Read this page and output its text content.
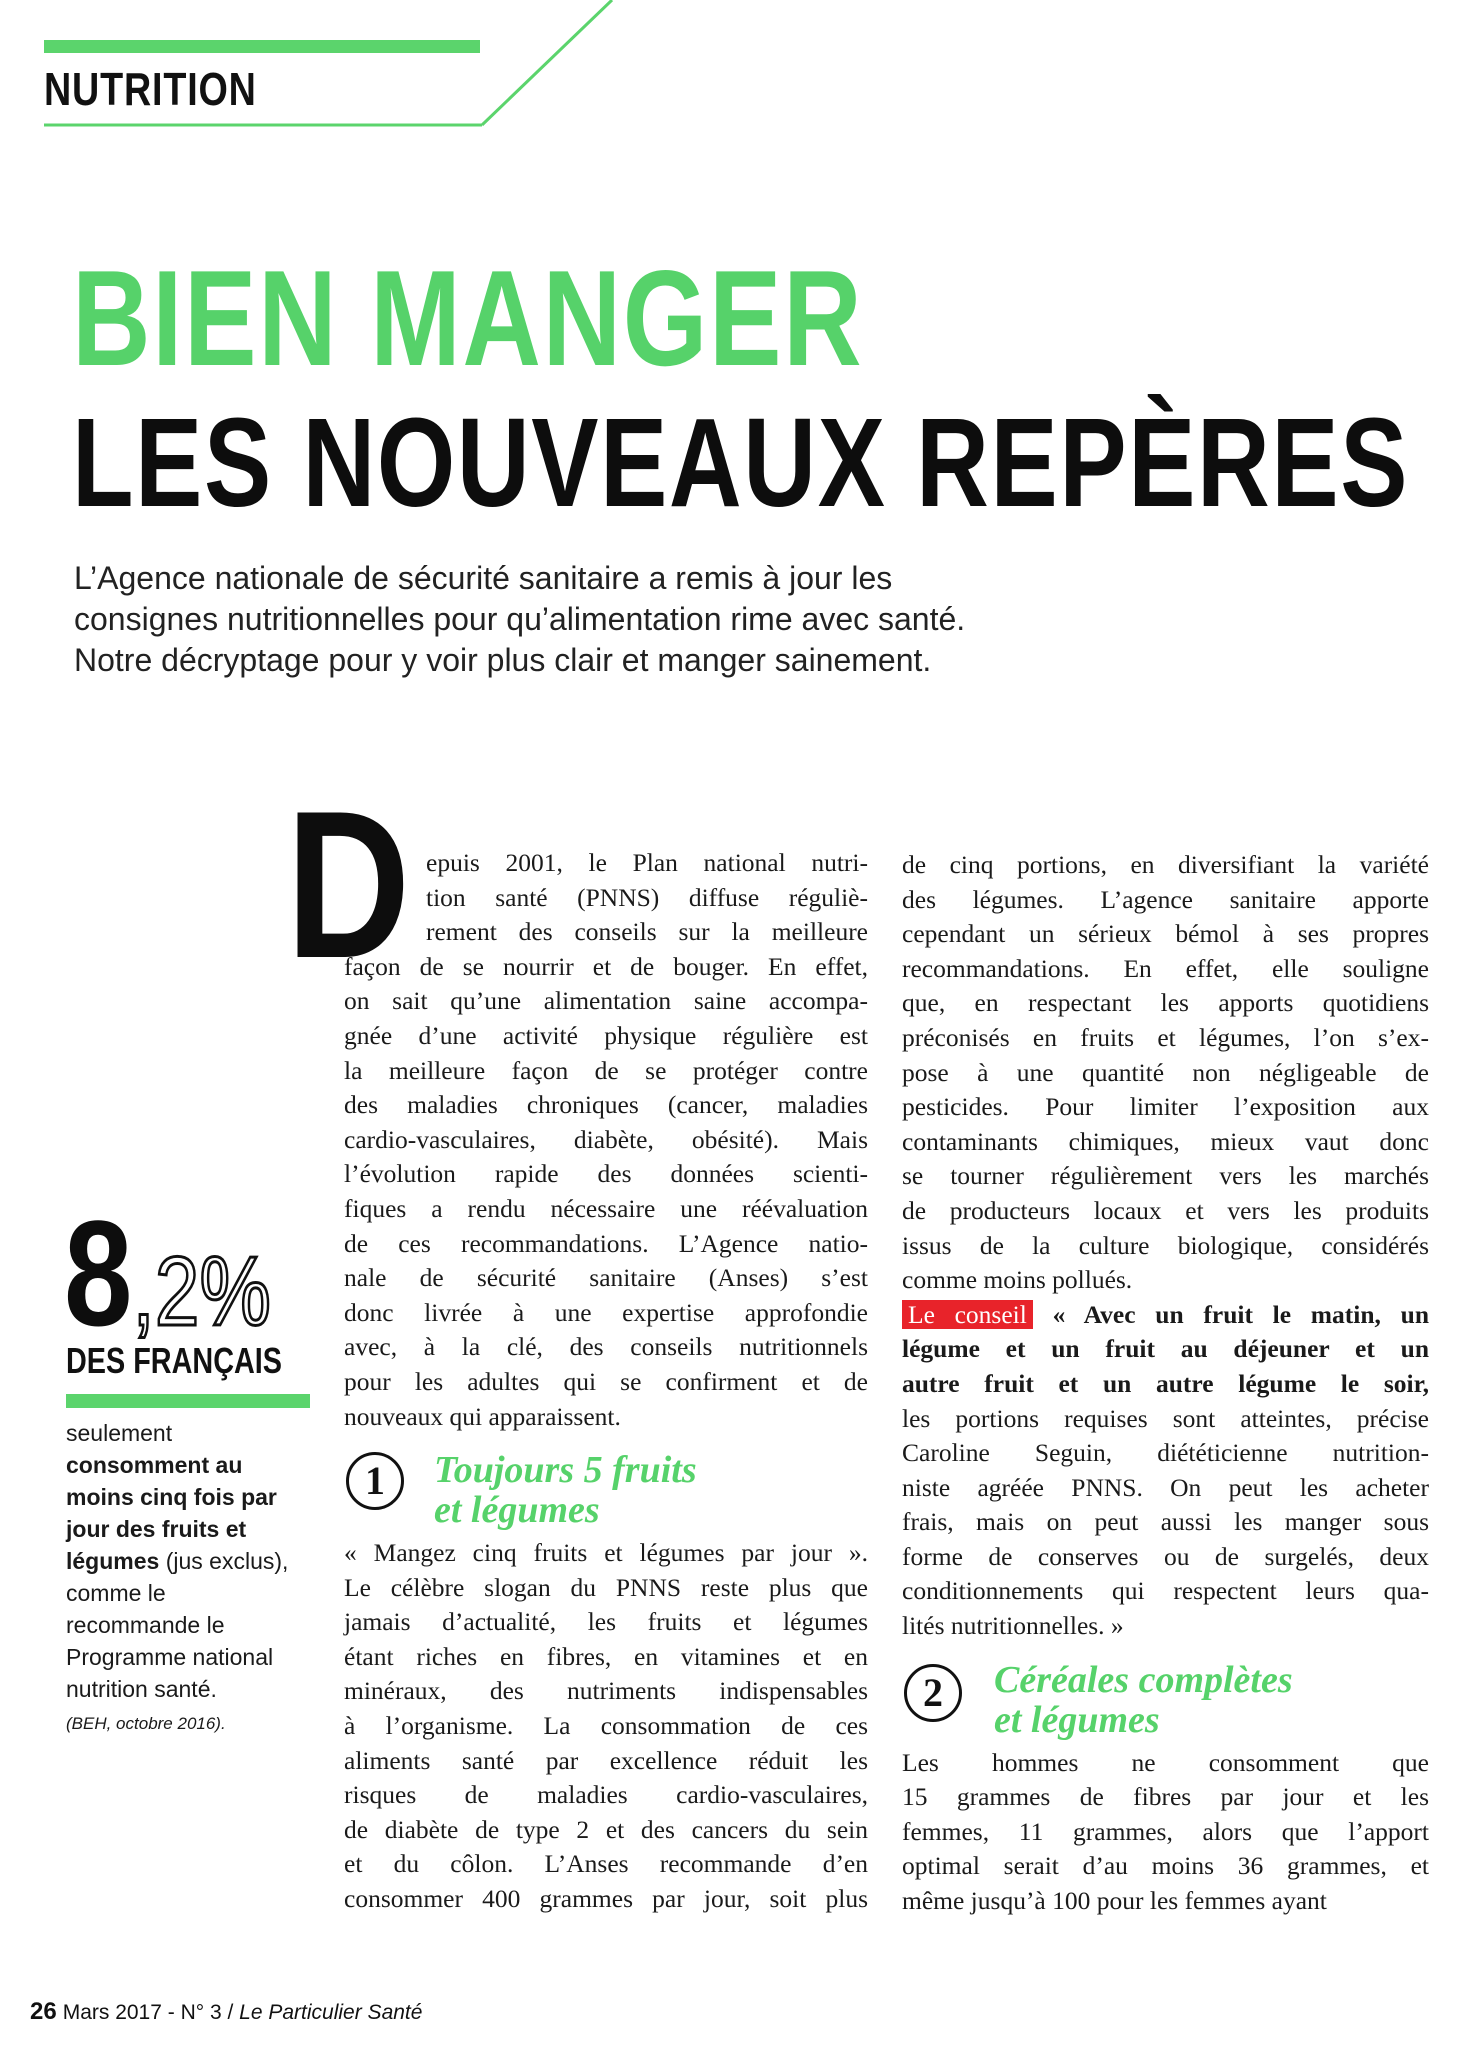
NUTRITION
BIEN MANGER
LES NOUVEAUX REPÈRES
L’Agence nationale de sécurité sanitaire a remis à jour les
consignes nutritionnelles pour qu’alimentation rime avec santé.
Notre décryptage pour y voir plus clair et manger sainement.
D epuis 2001, le Plan national nutri-
tion santé (PNNS) diffuse réguliè-
rement des conseils sur la meilleure
façon de se nourrir et de bouger. En effet,
on sait qu’une alimentation saine accompa-
gnée d’une activité physique régulière est
la meilleure façon de se protéger contre
des maladies chroniques (cancer, maladies
cardio-vasculaires, diabète, obésité). Mais
l’évolution rapide des données scienti-
fiques a rendu nécessaire une réévaluation
de ces recommandations. L’Agence natio-
nale de sécurité sanitaire (Anses) s’est
donc livrée à une expertise approfondie
avec, à la clé, des conseils nutritionnels
pour les adultes qui se confirment et de
nouveaux qui apparaissent.
1	Toujours 5 fruits
et légumes
« Mangez cinq fruits et légumes par jour ».
Le célèbre slogan du PNNS reste plus que
jamais d’actualité, les fruits et légumes
étant riches en fibres, en vitamines et en
minéraux, des nutriments indispensables
à l’organisme. La consommation de ces
aliments santé par excellence réduit les
risques de maladies cardio-vasculaires,
de diabète de type 2 et des cancers du sein
et du côlon. L’Anses recommande d’en
consommer 400 grammes par jour, soit plus
de cinq portions, en diversifiant la variété
des légumes. L’agence sanitaire apporte
cependant un sérieux bémol à ses propres
recommandations. En effet, elle souligne
que, en respectant les apports quotidiens
préconisés en fruits et légumes, l’on s’ex-
pose à une quantité non négligeable de
pesticides. Pour limiter l’exposition aux
contaminants chimiques, mieux vaut donc
se tourner régulièrement vers les marchés
de producteurs locaux et vers les produits
issus de la culture biologique, considérés
comme moins pollués.
Le conseil « Avec un fruit le matin, un
légume et un fruit au déjeuner et un
autre fruit et un autre légume le soir,
les portions requises sont atteintes, précise
Caroline Seguin, diététicienne nutrition-
niste agréée PNNS. On peut les acheter
frais, mais on peut aussi les manger sous
forme de conserves ou de surgelés, deux
conditionnements qui respectent leurs qua-
lités nutritionnelles. »
2	Céréales complètes
et légumes
Les hommes ne consomment que
15 grammes de fibres par jour et les
femmes, 11 grammes, alors que l’apport
optimal serait d’au moins 36 grammes, et
même jusqu’à 100 pour les femmes ayant
8,2%
DES FRANÇAIS
seulement consomment au moins cinq fois par jour des fruits et légumes (jus exclus), comme le recommande le Programme national nutrition santé.
(BEH, octobre 2016).
26 Mars 2017 - N° 3 / Le Particulier Santé
